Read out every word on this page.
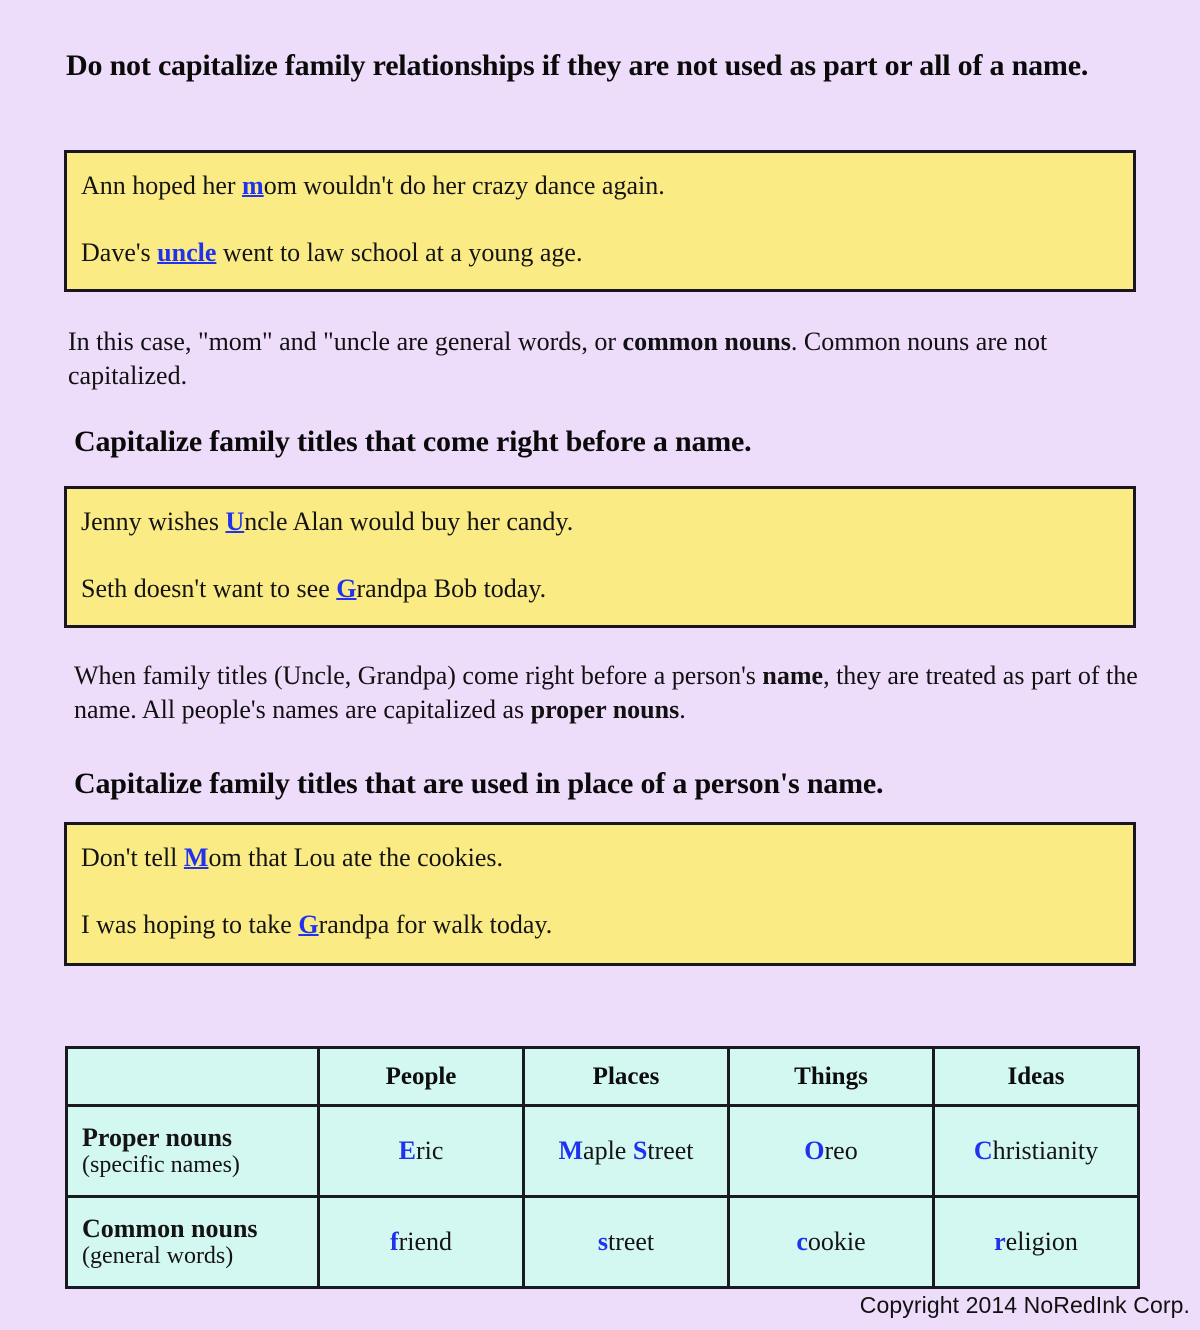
Do not capitalize family relationships if they are not used as part or all of a name.
Ann hoped her mom wouldn't do her crazy dance again.
Dave's uncle went to law school at a young age.
In this case, "mom" and "uncle are general words, or common nouns. Common nouns are not capitalized.
Capitalize family titles that come right before a name.
Jenny wishes Uncle Alan would buy her candy.
Seth doesn't want to see Grandpa Bob today.
When family titles (Uncle, Grandpa) come right before a person's name, they are treated as part of the name. All people's names are capitalized as proper nouns.
Capitalize family titles that are used in place of a person's name.
Don't tell Mom that Lou ate the cookies.
I was hoping to take Grandpa for walk today.
	People	Places	Things	Ideas

Proper nouns
(specific names)	Eric	Maple Street	Oreo	Christianity

Common nouns
(general words)	friend	street	cookie	religion
Copyright 2014 NoRedInk Corp.
